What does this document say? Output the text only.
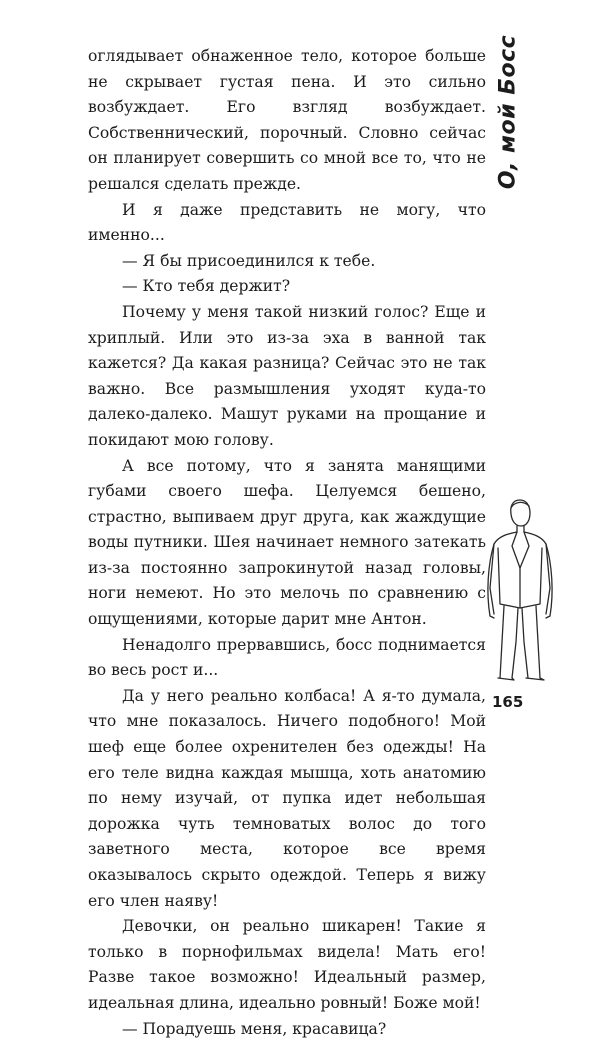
оглядывает обнаженное тело, которое больше не скрывает густая пена. И это сильно возбуждает. Его взгляд возбуждает. Собственнический, порочный. Словно сейчас он планирует совершить со мной все то, что не решался сделать прежде.

И я даже представить не могу, что именно...

— Я бы присоединился к тебе.

— Кто тебя держит?

Почему у меня такой низкий голос? Еще и хриплый. Или это из-за эха в ванной так кажется? Да какая разница? Сейчас это не так важно. Все размышления уходят куда-то далеко-далеко. Машут руками на прощание и покидают мою голову.

А все потому, что я занята манящими губами своего шефа. Целуемся бешено, страстно, выпиваем друг друга, как жаждущие воды путники. Шея начинает немного затекать из-за постоянно запрокинутой назад головы, ноги немеют. Но это мелочь по сравнению с ощущениями, которые дарит мне Антон.

Ненадолго прервавшись, босс поднимается во весь рост и...

Да у него реально колбаса! А я-то думала, что мне показалось. Ничего подобного! Мой шеф еще более охренителен без одежды! На его теле видна каждая мышца, хоть анатомию по нему изучай, от пупка идет небольшая дорожка чуть темноватых волос до того заветного места, которое все время оказывалось скрыто одеждой. Теперь я вижу его член наяву!

Девочки, он реально шикарен! Такие я только в порнофильмах видела! Мать его! Разве такое возможно! Идеальный размер, идеальная длина, идеально ровный! Боже мой!

— Порадуешь меня, красавица?

О, мой Босс
165
